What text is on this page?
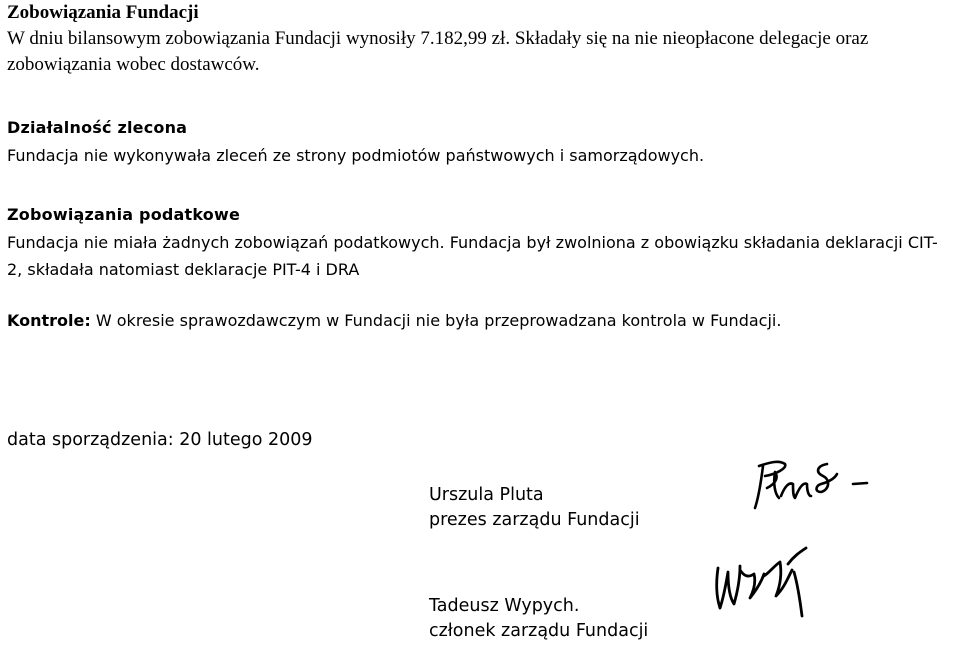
Zobowiązania Fundacji
W dniu bilansowym zobowiązania Fundacji wynosiły 7.182,99 zł. Składały się na nie nieopłacone delegacje oraz zobowiązania wobec dostawców.
Działalność zlecona
Fundacja nie wykonywała zleceń ze strony podmiotów państwowych i samorządowych.
Zobowiązania podatkowe
Fundacja nie miała żadnych zobowiązań podatkowych. Fundacja był zwolniona z obowiązku składania deklaracji CIT-2, składała natomiast deklaracje PIT-4 i DRA
Kontrole: W okresie sprawozdawczym w Fundacji nie była przeprowadzana kontrola w Fundacji.
data sporządzenia: 20 lutego 2009
Urszula Pluta
prezes zarządu Fundacji
Tadeusz Wypych.
członek zarządu Fundacji
